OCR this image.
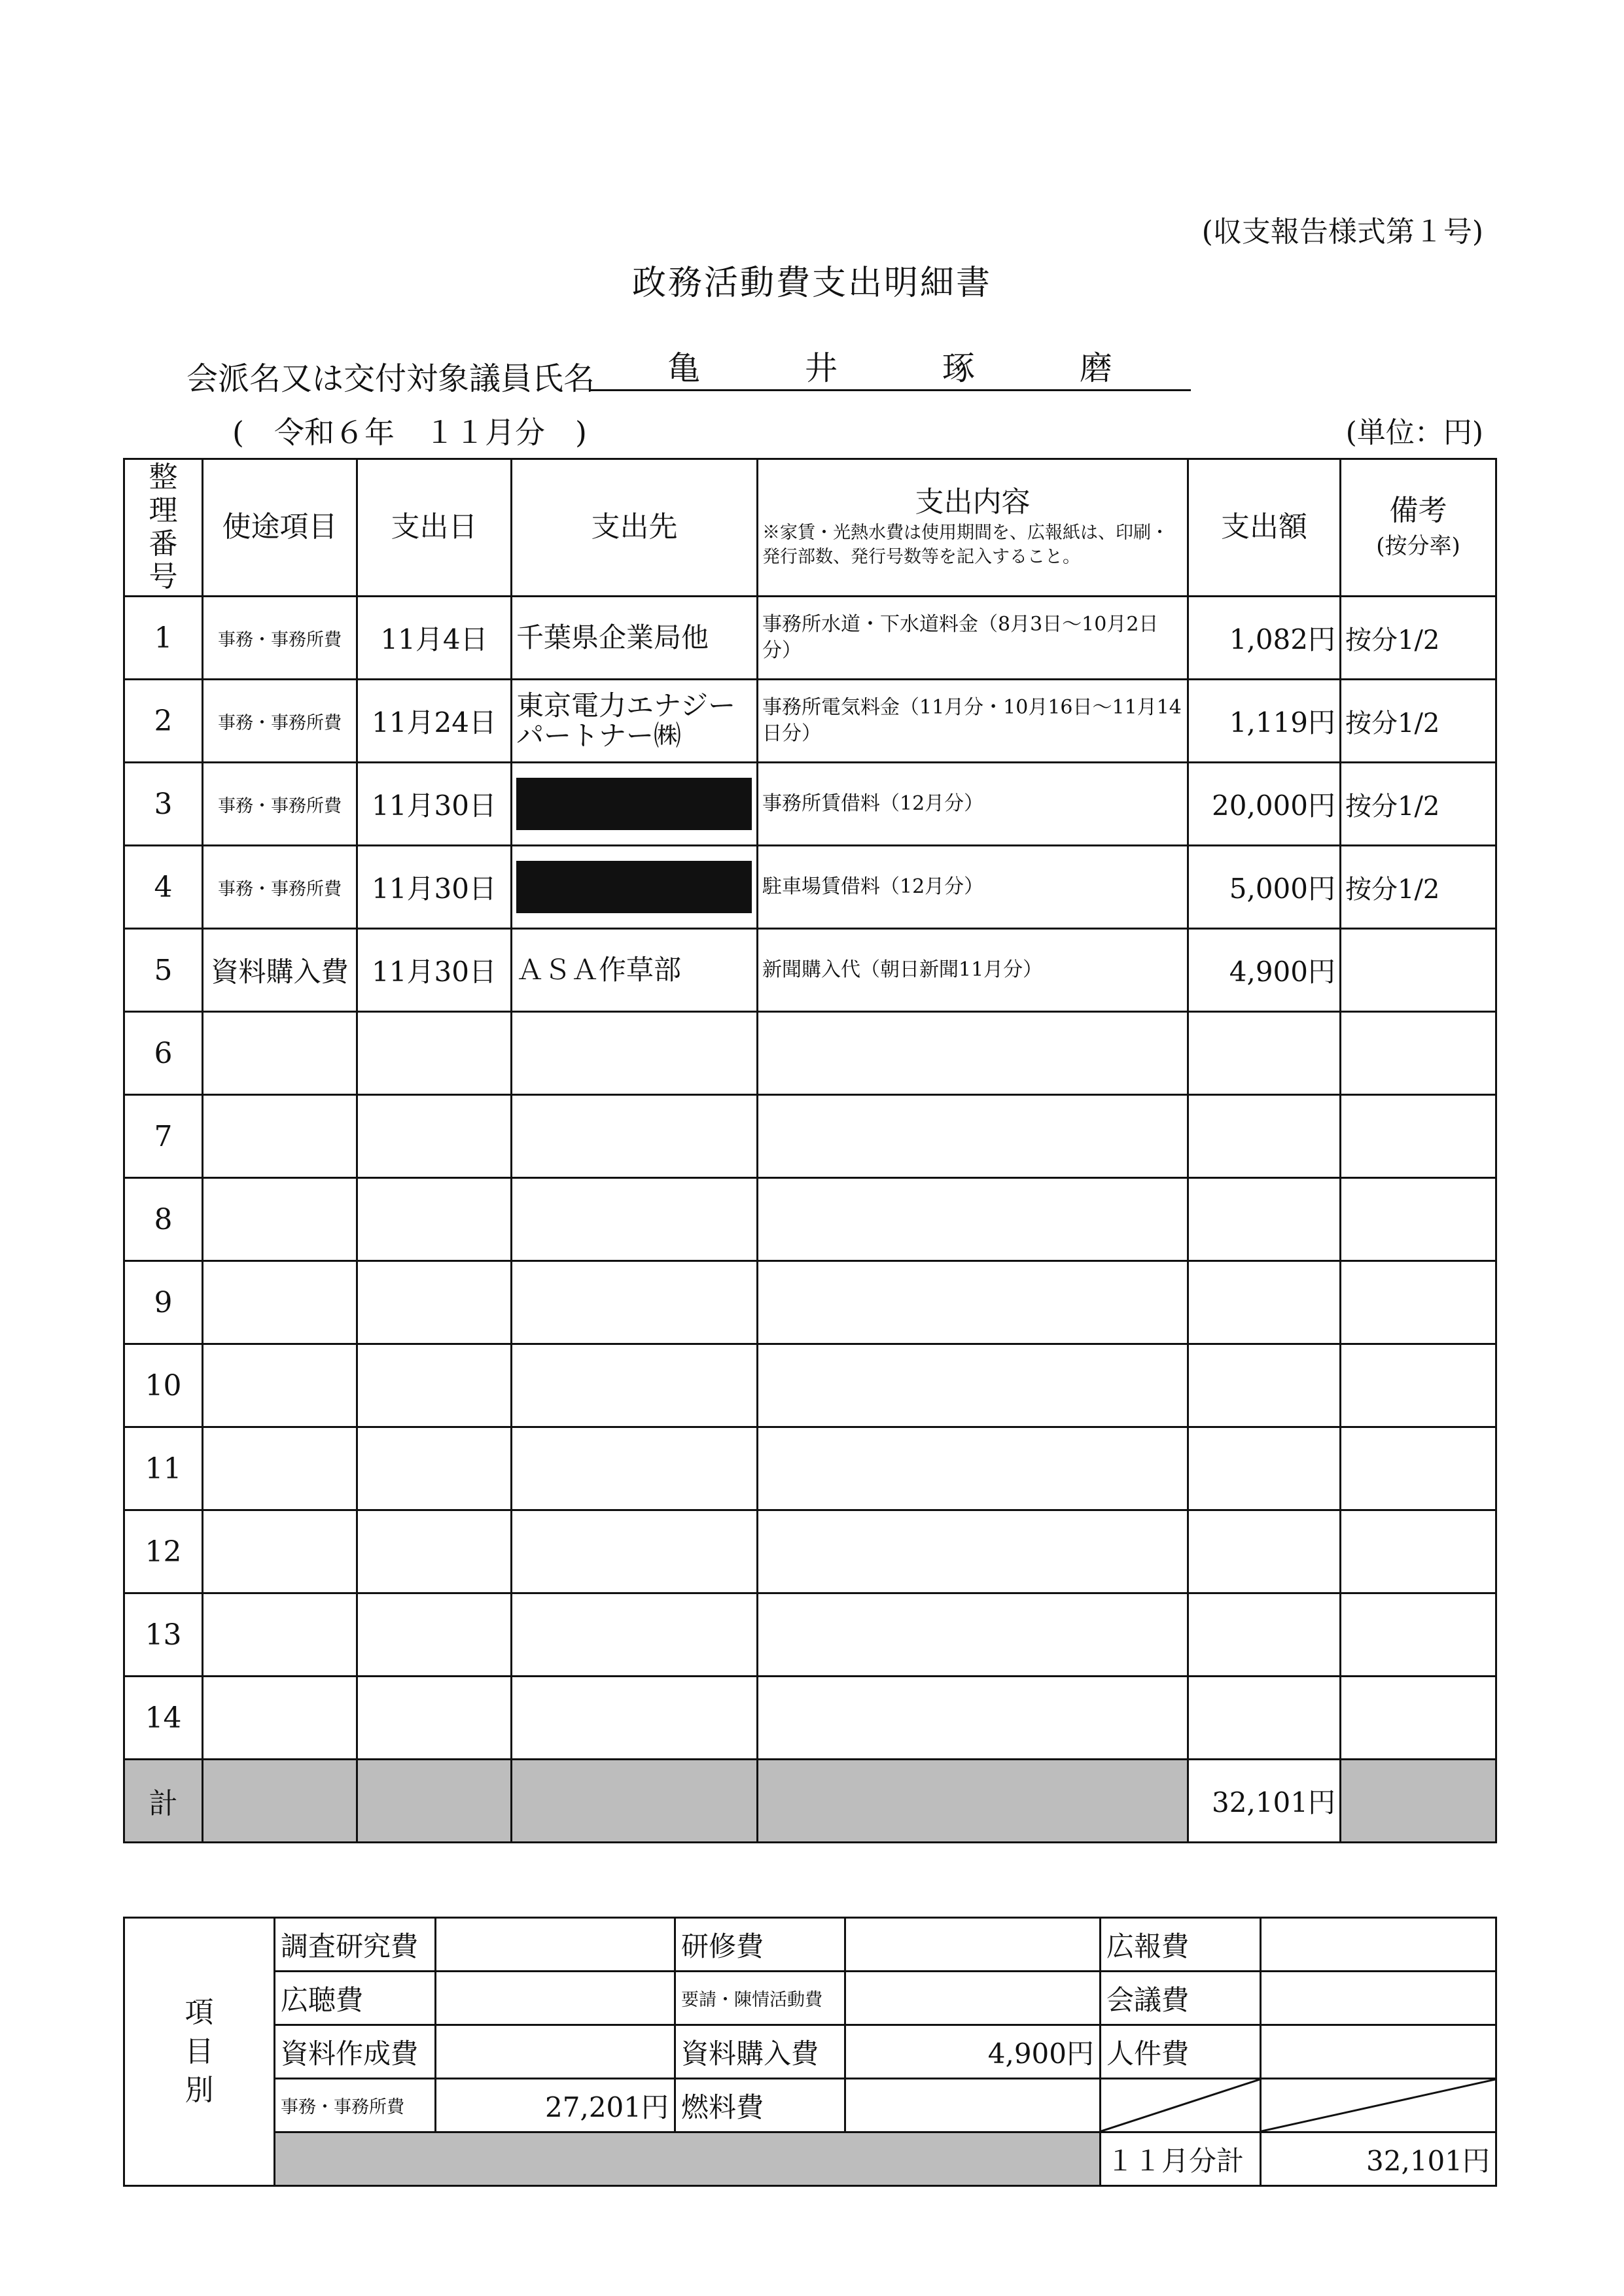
(収支報告様式第１号)
政務活動費支出明細書
会派名又は交付対象議員氏名 亀	井	琢	磨
(　令和６年　１１月分　)	(単位：円)
整理番号	使途項目	支出日	支出先	支出内容
※家賃・光熱水費は使用期間を、広報紙は、印刷・発行部数、発行号数等を記入すること。	支出額	備考
(按分率)
1	事務・事務所費	11月4日	千葉県企業局他	事務所水道・下水道料金（8月3日～10月2日分）	1,082円	按分1/2
2	事務・事務所費	11月24日	東京電力エナジーパートナー㈱	事務所電気料金（11月分・10月16日～11月14日分）	1,119円	按分1/2
3	事務・事務所費	11月30日		事務所賃借料（12月分）	20,000円	按分1/2
4	事務・事務所費	11月30日		駐車場賃借料（12月分）	5,000円	按分1/2
5	資料購入費	11月30日	ＡＳＡ作草部	新聞購入代（朝日新聞11月分）	4,900円	
6						
7						
8						
9						
10						
11						
12						
13						
14						
計					32,101円	
項
目
別	調査研究費		研修費		広報費	
	広聴費		要請・陳情活動費		会議費	
	資料作成費		資料購入費	4,900円	人件費	
	事務・事務所費	27,201円	燃料費		

					１１月分計	32,101円
